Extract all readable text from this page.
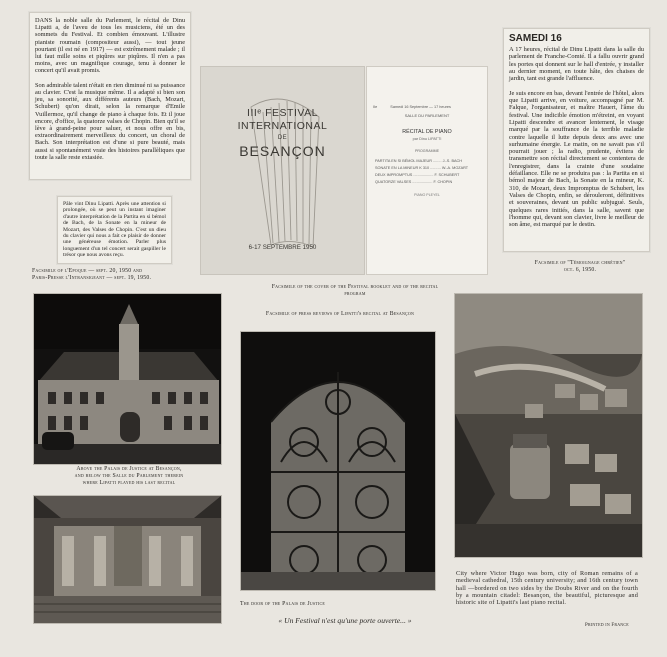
DANS la noble salle du Parlement, le récital de Dinu Lipatti a, de l'aveu de tous les musiciens, été un des sommets du Festival. Et combien émouvant. L'illustre pianiste roumain (compositeur aussi), — tout jeune pourtant (il est né en 1917) — est extrêmement malade ; il lui faut mille soins et piqûres sur piqûres. Il n'en a pas moins, avec un magnifique courage, tenu à donner le concert qu'il avait promis.

Son admirable talent n'était en rien diminué ni sa puissance au clavier. C'est la musique même. Il a adapté si bien son jeu, sa sonorité, aux différents auteurs (Bach, Mozart, Schubert) qu'on dirait, selon la remarque d'Emile Vuillermoz, qu'il change de piano à chaque fois. Et il joue encore, d'office, la quatorze valses de Chopin. Bien qu'il se lève à grand-peine pour saluer, et nous offre en bis, extraordinairement merveilleux du concert, un choral de Bach. Son interprétation est d'une si pure beauté, mais aussi si spontanément vraie des histoires parallèliques que toute la salle reste extasiée.
Pâle vint Dinu Lipatti. Après une attention si prolongée, où se peut un instant imaginer d'autre interprétation de la Partita en si bémol de Bach, de la Sonate en la mineur de Mozart, des Valses de Chopin. C'est un dieu du clavier qui nous a fait ce plaisir de donner une généreuse émotion. Parler plus longuement d'un tel concert serait gaspiller le trésor que nous avons reçu.
Facsimile of l'Epoque — sept. 20, 1950 and
Paris-Presse l'Intransigeant — sept. 19, 1950.
IIIᵉ FESTIVAL
INTERNATIONAL
DE
BESANÇON
6-17 SEPTEMBRE 1950
IIe	Samedi 16 Septembre — 17 heures
SALLE DU PARLEMENT
RÉCITAL DE PIANO
par Dinu LIPATTI
PROGRAMME
PARTITA EN SI BÉMOL MAJEUR ........ J.-S. BACH
SONATE EN LA MINEUR K 310 .......... W.-A. MOZART
DEUX IMPROMPTUS ................... F. SCHUBERT
QUATORZE VALSES ................... F. CHOPIN
PIANO PLEYEL
Facsimile of the cover of the Festival booklet and of the recital
program
SAMEDI 16
A 17 heures, récital de Dinu Lipatti dans la salle du parlement de Franche-Comté. Il a fallu ouvrir grand les portes qui donnent sur le hall d'entrée, y installer au dernier moment, en toute hâte, des chaises de jardin, tant est grande l'affluence.

Je suis encore en bas, devant l'entrée de l'hôtel, alors que Lipatti arrive, en voiture, accompagné par M. Falque, l'organisateur, et maître Hauert, l'âme du festival. Une indicible émotion m'étreint, en voyant Lipatti descendre et avancer lentement, le visage marqué par la souffrance de la terrible maladie contre laquelle il lutte depuis deux ans avec une surhumaine énergie. Le matin, on ne savait pas s'il pourrait jouer ; la radio, prudente, évitera de transmettre son récital directement se contentera de l'enregistrer, dans la crainte d'une soudaine défaillance. Elle ne se produira pas : la Partita en si bémol majeur de Bach, la Sonate en la mineur, K. 310, de Mozart, deux Impromptus de Schubert, les Valses de Chopin, enfin, se dérouleront, définitives et souveraines, devant un public subjugué. Seuls, quelques rares initiés, dans la salle, savent que l'homme qui, devant son clavier, livre le meilleur de son âme, est marqué par le destin.
Facsimile of "Témoignage chrétien"
oct. 6, 1950.
Above the Palais de Justice at Besançon,
and below the Salle du Parlement therein
where Lipatti played his last recital
The door of the Palais de Justice
City where Victor Hugo was born, city of Roman remains of a medieval cathedral, 15th century university; and 16th century town hall —bordered on two sides by the Doubs River and on the fourth by a mountain citadel: Besançon, the beautiful, picturesque and historic site of Lipatti's last piano recital.
Facsimile of press reviews of Lipatti's recital at Besançon
« Un Festival n'est qu'une porte ouverte... »
Printed in France
